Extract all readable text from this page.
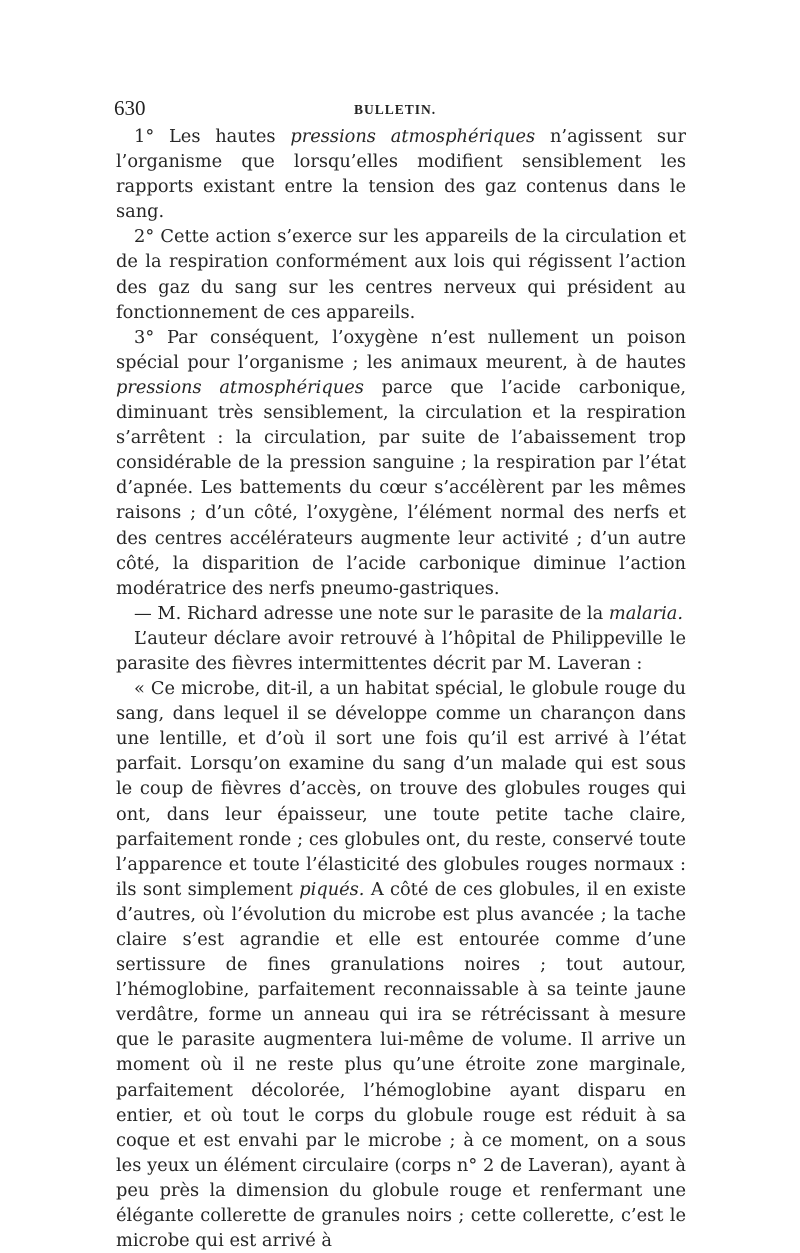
630	BULLETIN.

1° Les hautes pressions atmosphériques n’agissent sur l’organisme que lorsqu’elles modifient sensiblement les rapports existant entre la tension des gaz contenus dans le sang.

2° Cette action s’exerce sur les appareils de la circulation et de la respiration conformément aux lois qui régissent l’action des gaz du sang sur les centres nerveux qui président au fonctionnement de ces appareils.

3° Par conséquent, l’oxygène n’est nullement un poison spécial pour l’organisme ; les animaux meurent, à de hautes pressions atmosphériques parce que l’acide carbonique, diminuant très sensiblement, la circulation et la respiration s’arrêtent : la circulation, par suite de l’abaissement trop considérable de la pression sanguine ; la respiration par l’état d’apnée. Les battements du cœur s’accélèrent par les mêmes raisons ; d’un côté, l’oxygène, l’élément normal des nerfs et des centres accélérateurs augmente leur activité ; d’un autre côté, la disparition de l’acide carbonique diminue l’action modératrice des nerfs pneumo-gastriques.

— M. Richard adresse une note sur le parasite de la malaria.

L’auteur déclare avoir retrouvé à l’hôpital de Philippeville le parasite des fièvres intermittentes décrit par M. Laveran :

« Ce microbe, dit-il, a un habitat spécial, le globule rouge du sang, dans lequel il se développe comme un charançon dans une lentille, et d’où il sort une fois qu’il est arrivé à l’état parfait. Lorsqu’on examine du sang d’un malade qui est sous le coup de fièvres d’accès, on trouve des globules rouges qui ont, dans leur épaisseur, une toute petite tache claire, parfaitement ronde ; ces globules ont, du reste, conservé toute l’apparence et toute l’élasticité des globules rouges normaux : ils sont simplement piqués. A côté de ces globules, il en existe d’autres, où l’évolution du microbe est plus avancée ; la tache claire s’est agrandie et elle est entourée comme d’une sertissure de fines granulations noires ; tout autour, l’hémoglobine, parfaitement reconnaissable à sa teinte jaune verdâtre, forme un anneau qui ira se rétrécissant à mesure que le parasite augmentera lui-même de volume. Il arrive un moment où il ne reste plus qu’une étroite zone marginale, parfaitement décolorée, l’hémoglobine ayant disparu en entier, et où tout le corps du globule rouge est réduit à sa coque et est envahi par le microbe ; à ce moment, on a sous les yeux un élément circulaire (corps n° 2 de Laveran), ayant à peu près la dimension du globule rouge et renfermant une élégante collerette de granules noirs ; cette collerette, c’est le microbe qui est arrivé à
